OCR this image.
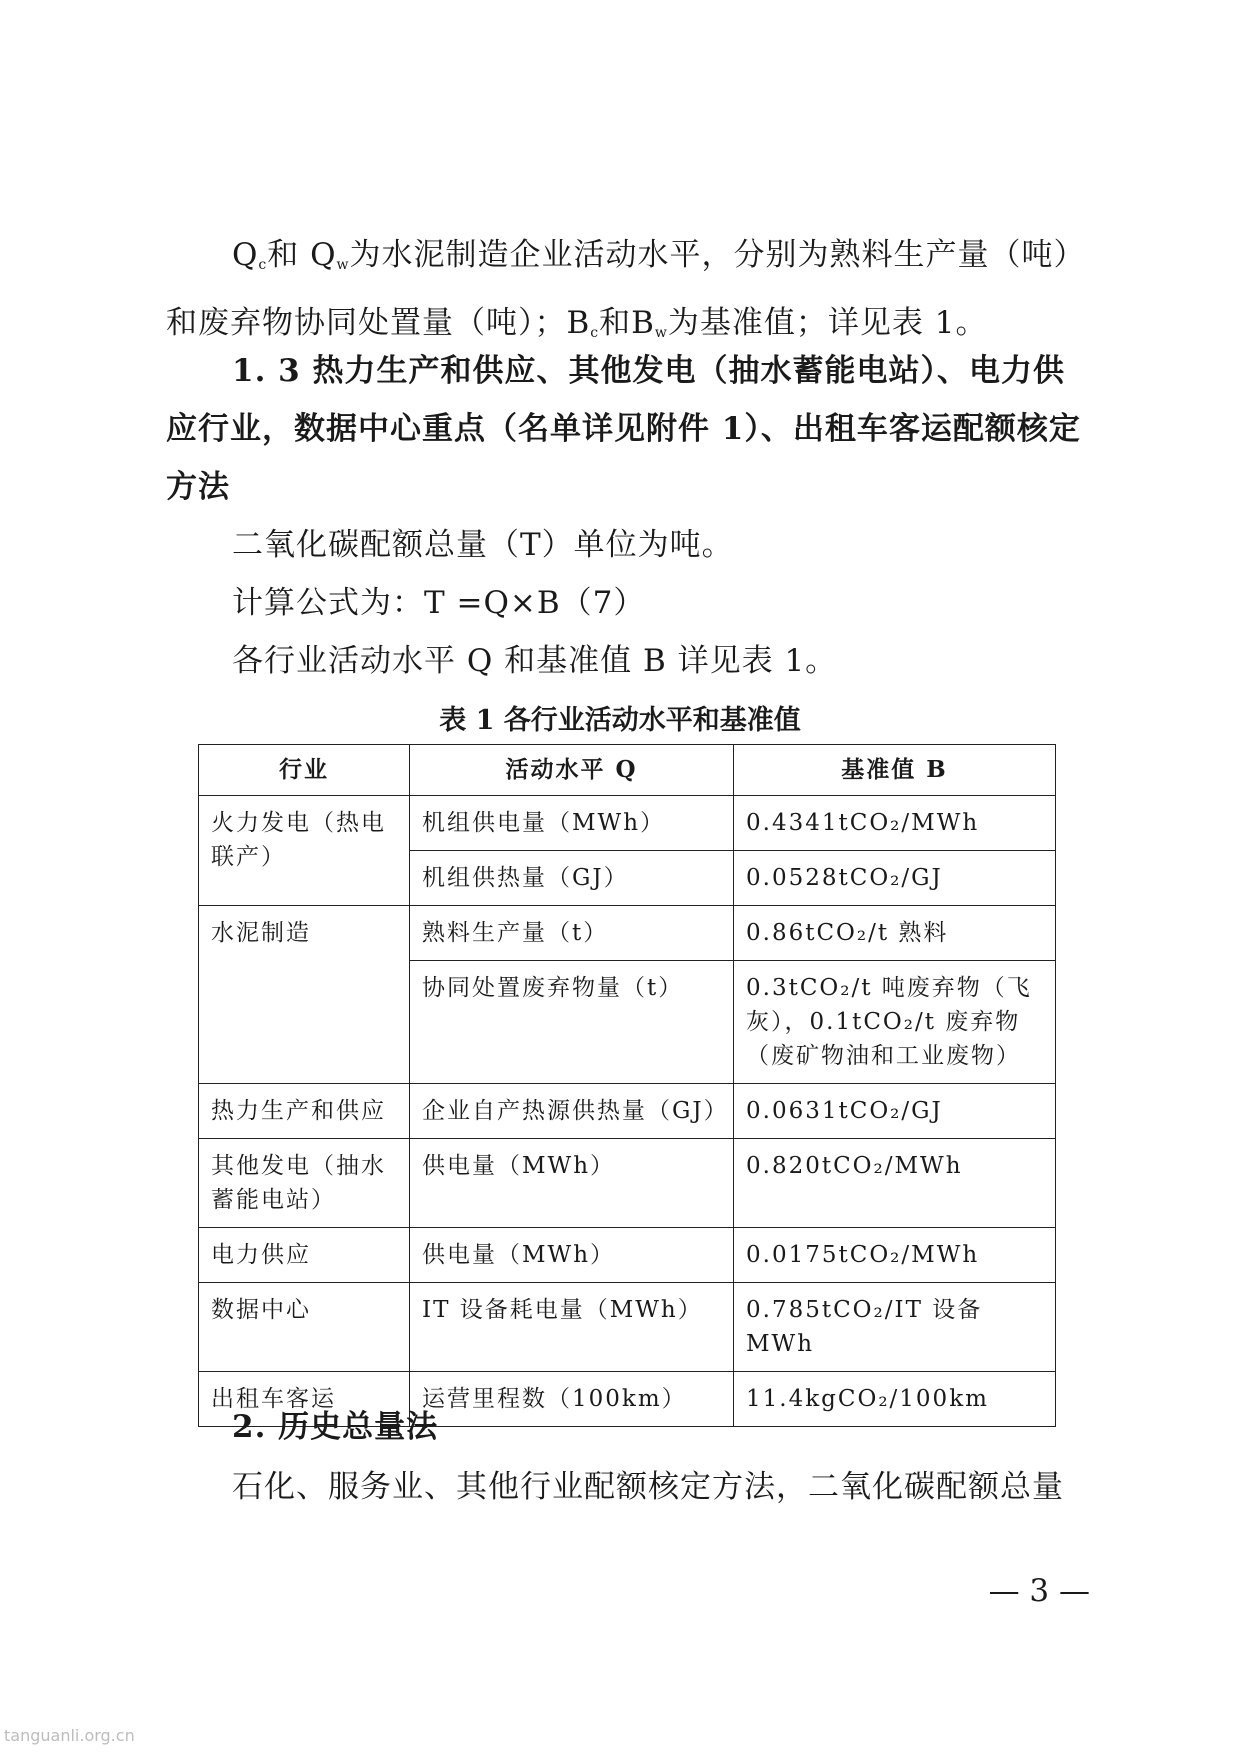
$Q_c$和 $Q_w$为水泥制造企业活动水平，分别为熟料生产量（吨）和废弃物协同处置量（吨）；$B_c$和$B_w$为基准值；详见表 1。
1. 3 热力生产和供应、其他发电（抽水蓄能电站）、电力供应行业，数据中心重点（名单详见附件 1）、出租车客运配额核定方法
二氧化碳配额总量（T）单位为吨。
计算公式为：T =Q×B（7）
各行业活动水平 Q 和基准值 B 详见表 1。
表 1 各行业活动水平和基准值
行业	活动水平 Q	基准值 B
火力发电（热电联产）	机组供电量（MWh）	0.4341tCO₂/MWh
	机组供热量（GJ）	0.0528tCO₂/GJ
水泥制造	熟料生产量（t）	0.86tCO₂/t 熟料
	协同处置废弃物量（t）	0.3tCO₂/t 吨废弃物（飞灰），0.1tCO₂/t 废弃物（废矿物油和工业废物）
热力生产和供应	企业自产热源供热量（GJ）	0.0631tCO₂/GJ
其他发电（抽水蓄能电站）	供电量（MWh）	0.820tCO₂/MWh
电力供应	供电量（MWh）	0.0175tCO₂/MWh
数据中心	IT 设备耗电量（MWh）	0.785tCO₂/IT 设备 MWh
出租车客运	运营里程数（100km）	11.4kgCO₂/100km
2. 历史总量法
石化、服务业、其他行业配额核定方法，二氧化碳配额总量
— 3 —
tanguanli.org.cn
